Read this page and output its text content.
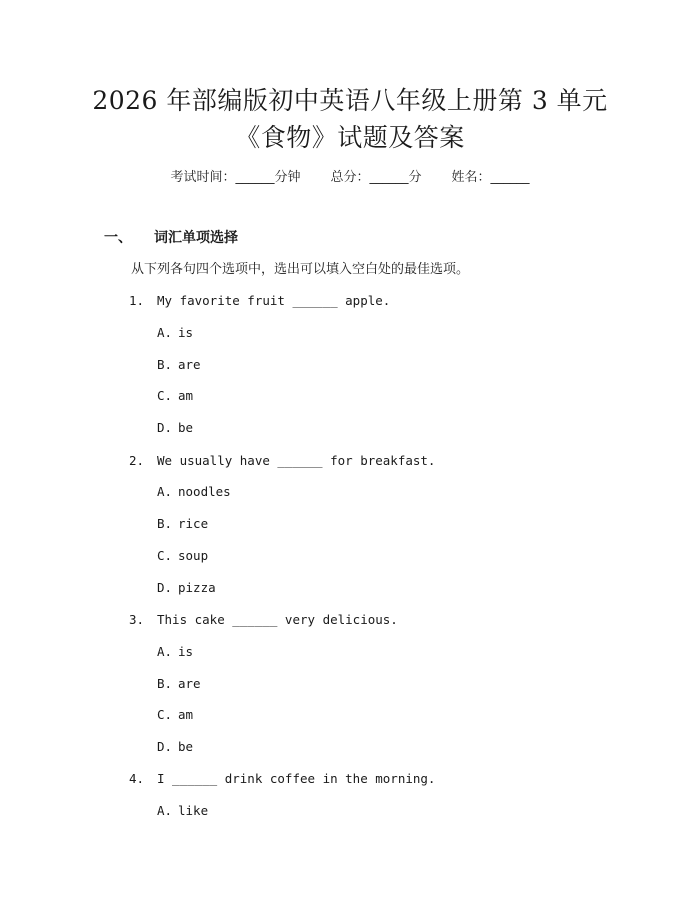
2026 年部编版初中英语八年级上册第 3 单元
《食物》试题及答案
考试时间：______分钟 总分：______分 姓名：______
一、 词汇单项选择
从下列各句四个选项中，选出可以填入空白处的最佳选项。
1. My favorite fruit ______ apple.
A. is
B. are
C. am
D. be
2. We usually have ______ for breakfast.
A. noodles
B. rice
C. soup
D. pizza
3. This cake ______ very delicious.
A. is
B. are
C. am
D. be
4. I ______ drink coffee in the morning.
A. like
